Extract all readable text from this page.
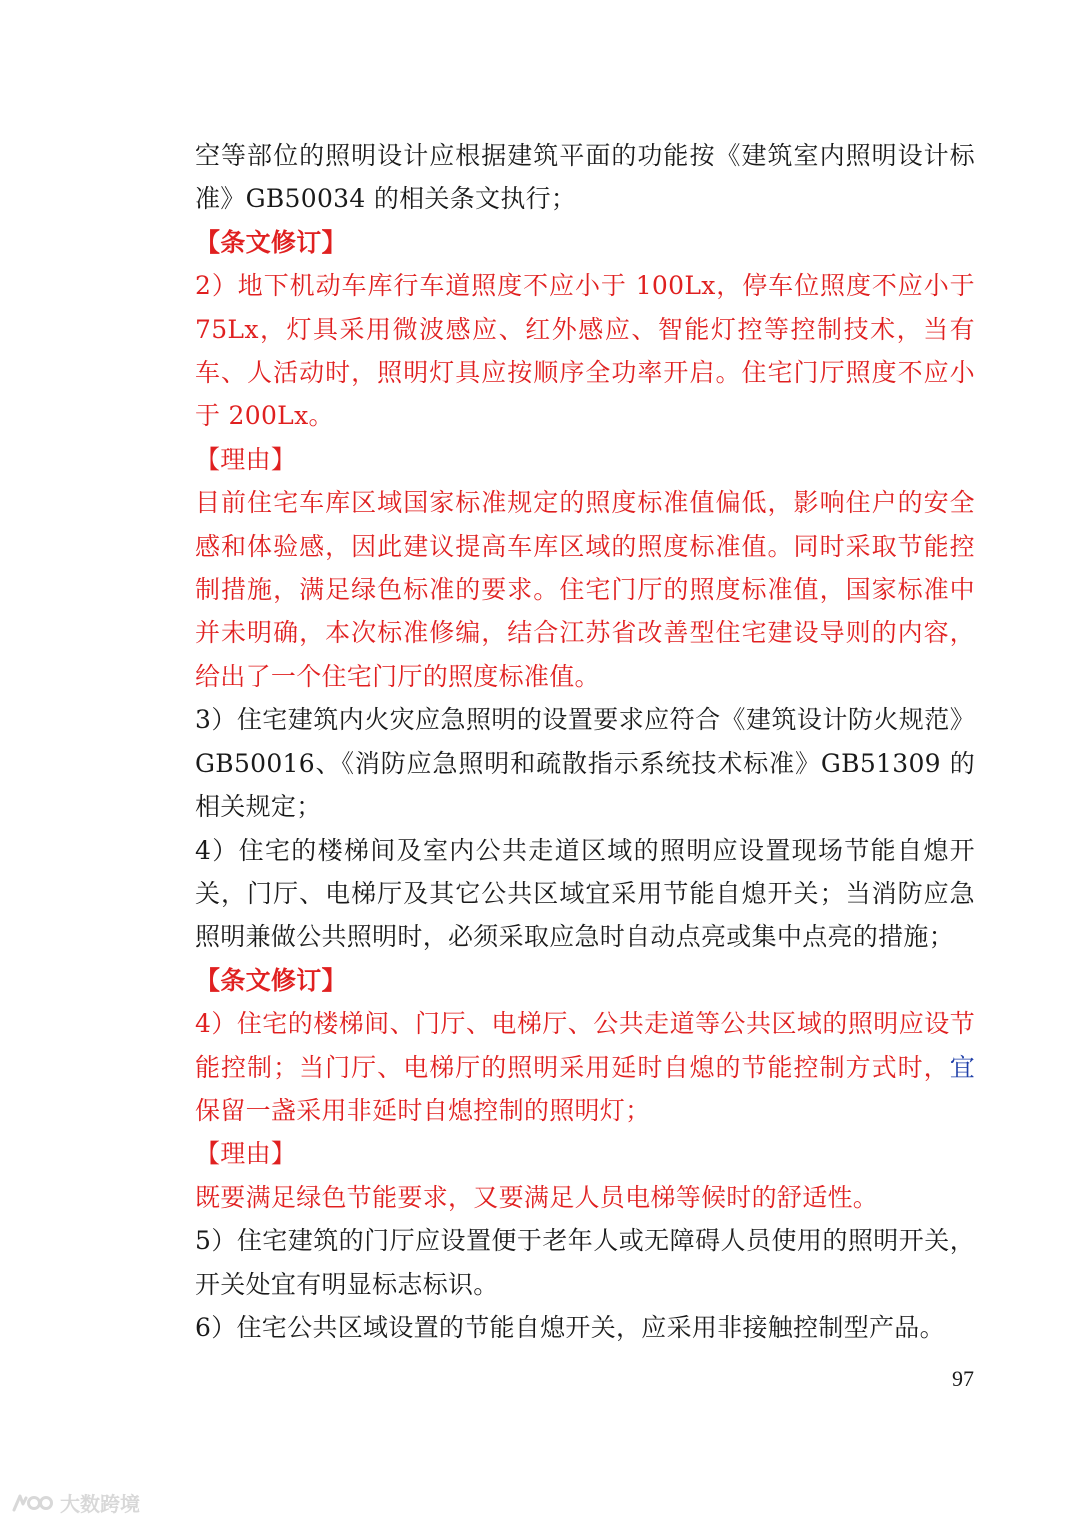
空等部位的照明设计应根据建筑平面的功能按《建筑室内照明设计标准》GB50034 的相关条文执行；

【条文修订】

2）地下机动车库行车道照度不应小于 100Lx，停车位照度不应小于 75Lx，灯具采用微波感应、红外感应、智能灯控等控制技术，当有车、人活动时，照明灯具应按顺序全功率开启。住宅门厅照度不应小于 200Lx。

【理由】

目前住宅车库区域国家标准规定的照度标准值偏低，影响住户的安全感和体验感，因此建议提高车库区域的照度标准值。同时采取节能控制措施，满足绿色标准的要求。住宅门厅的照度标准值，国家标准中并未明确，本次标准修编，结合江苏省改善型住宅建设导则的内容，给出了一个住宅门厅的照度标准值。

3）住宅建筑内火灾应急照明的设置要求应符合《建筑设计防火规范》GB50016、《消防应急照明和疏散指示系统技术标准》GB51309 的相关规定；

4）住宅的楼梯间及室内公共走道区域的照明应设置现场节能自熄开关，门厅、电梯厅及其它公共区域宜采用节能自熄开关；当消防应急照明兼做公共照明时，必须采取应急时自动点亮或集中点亮的措施；

【条文修订】

4）住宅的楼梯间、门厅、电梯厅、公共走道等公共区域的照明应设节能控制；当门厅、电梯厅的照明采用延时自熄的节能控制方式时，宜保留一盏采用非延时自熄控制的照明灯；

【理由】

既要满足绿色节能要求，又要满足人员电梯等候时的舒适性。

5）住宅建筑的门厅应设置便于老年人或无障碍人员使用的照明开关，开关处宜有明显标志标识。

6）住宅公共区域设置的节能自熄开关，应采用非接触控制型产品。

97
大数跨境
